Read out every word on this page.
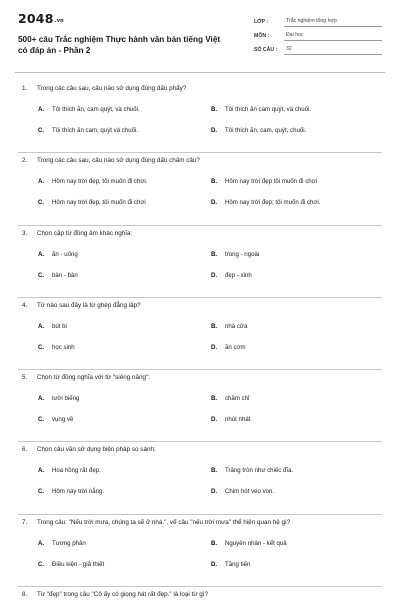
2048.vn
500+ câu Trắc nghiệm Thực hành văn bản tiếng Việt có đáp án - Phần 2
LỚP :	Trắc nghiệm tổng hợp
MÔN :	Đại học
SỐ CÂU :	32
1.	Trong các câu sau, câu nào sử dụng đúng dấu phẩy?
A.	Tôi thích ăn, cam quýt, và chuối.	B.	Tôi thích ăn cam quýt, và chuối.
C.	Tôi thích ăn cam, quýt và chuối.	D.	Tôi thích ăn, cam, quýt, chuối.
2.	Trong các câu sau, câu nào sử dụng đúng dấu chấm câu?
A.	Hôm nay trời đẹp, tôi muốn đi chơi.	B.	Hôm nay trời đẹp tôi muốn đi chơi
C.	Hôm nay trời đẹp, tôi muốn đi chơi	D.	Hôm nay trời đẹp; tôi muốn đi chơi.
3.	Chọn cặp từ đồng âm khác nghĩa:
A.	ăn - uống	B.	trong - ngoài
C.	bàn - bàn	D.	đẹp - xinh
4.	Từ nào sau đây là từ ghép đẳng lập?
A.	bút bi	B.	nhà cửa
C.	học sinh	D.	ăn cơm
5.	Chọn từ đồng nghĩa với từ "siêng năng":
A.	lười biếng	B.	chăm chỉ
C.	vụng về	D.	nhút nhát
6.	Chọn câu văn sử dụng biện pháp so sánh:
A.	Hoa hồng rất đẹp.	B.	Trăng tròn như chiếc đĩa.
C.	Hôm nay trời nắng.	D.	Chim hót véo von.
7.	Trong câu: "Nếu trời mưa, chúng ta sẽ ở nhà.", vế câu "nếu trời mưa" thể hiện quan hệ gì?
A.	Tương phản	B.	Nguyên nhân - kết quả
C.	Điều kiện - giả thiết	D.	Tăng tiến
8.	Từ "đẹp" trong câu "Cô ấy có giọng hát rất đẹp." là loại từ gì?
